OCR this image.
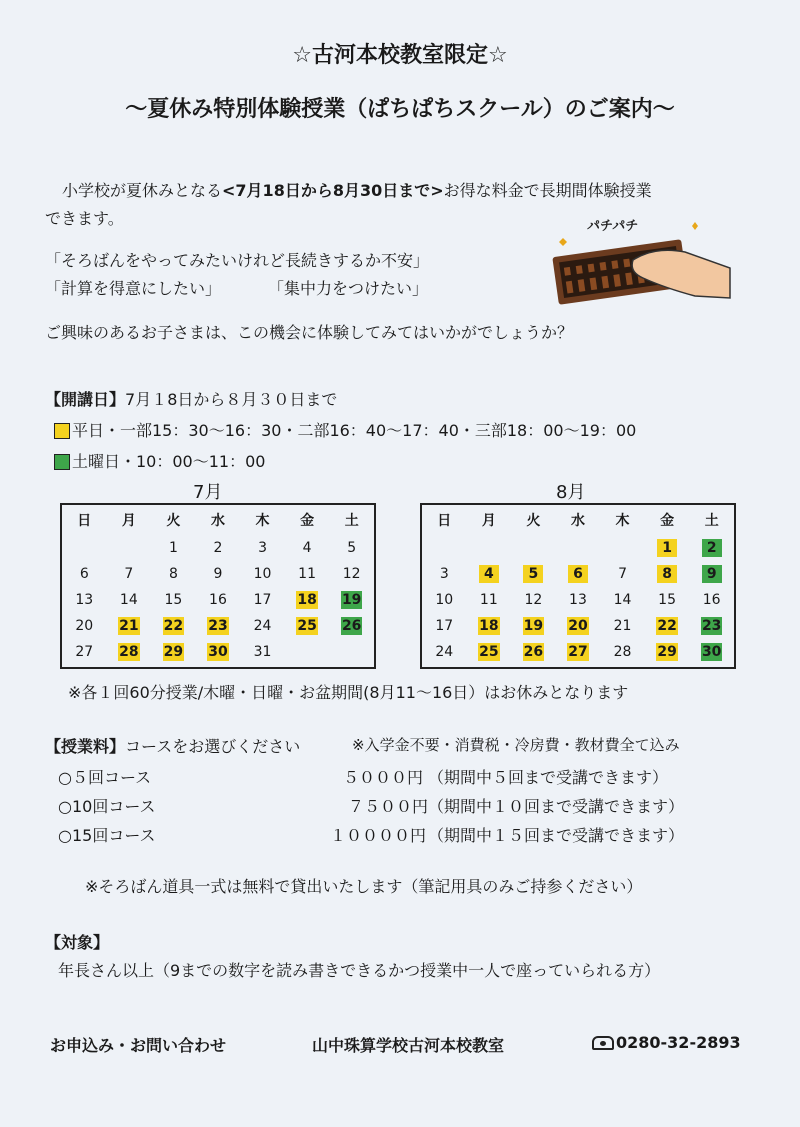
☆古河本校教室限定☆
～夏休み特別体験授業（ぱちぱちスクール）のご案内～
小学校が夏休みとなる<7月18日から8月30日まで>お得な料金で長期間体験授業
できます。
「そろばんをやってみたいけれど長続きするか不安」
「計算を得意にしたい」	「集中力をつけたい」
パチパチ
ご興味のあるお子さまは、この機会に体験してみてはいかがでしょうか？
【開講日】7月１8日から８月３０日まで
平日・一部15：30～16：30・二部16：40～17：40・三部18：00～19：00
土曜日・10：00～11：00
7月
日	月	火	水	木	金	土
		1	2	3	4	5
6	7	8	9	10	11	12
13	14	15	16	17	18	19
20	21	22	23	24	25	26
27	28	29	30	31		
8月
日	月	火	水	木	金	土
					1	2
3	4	5	6	7	8	9
10	11	12	13	14	15	16
17	18	19	20	21	22	23
24	25	26	27	28	29	30
※各１回60分授業/木曜・日曜・お盆期間(8月11～16日）はお休みとなります
【授業料】コースをお選びください	※入学金不要・消費税・冷房費・教材費全て込み
○５回コース	５０００円 （期間中５回まで受講できます）
○10回コース	７５００円 （期間中１０回まで受講できます）
○15回コース	１００００円 （期間中１５回まで受講できます）
※そろばん道具一式は無料で貸出いたします（筆記用具のみご持参ください）
【対象】
年長さん以上（9までの数字を読み書きできるかつ授業中一人で座っていられる方）
お申込み・お問い合わせ	山中珠算学校古河本校教室	0280-32-2893
